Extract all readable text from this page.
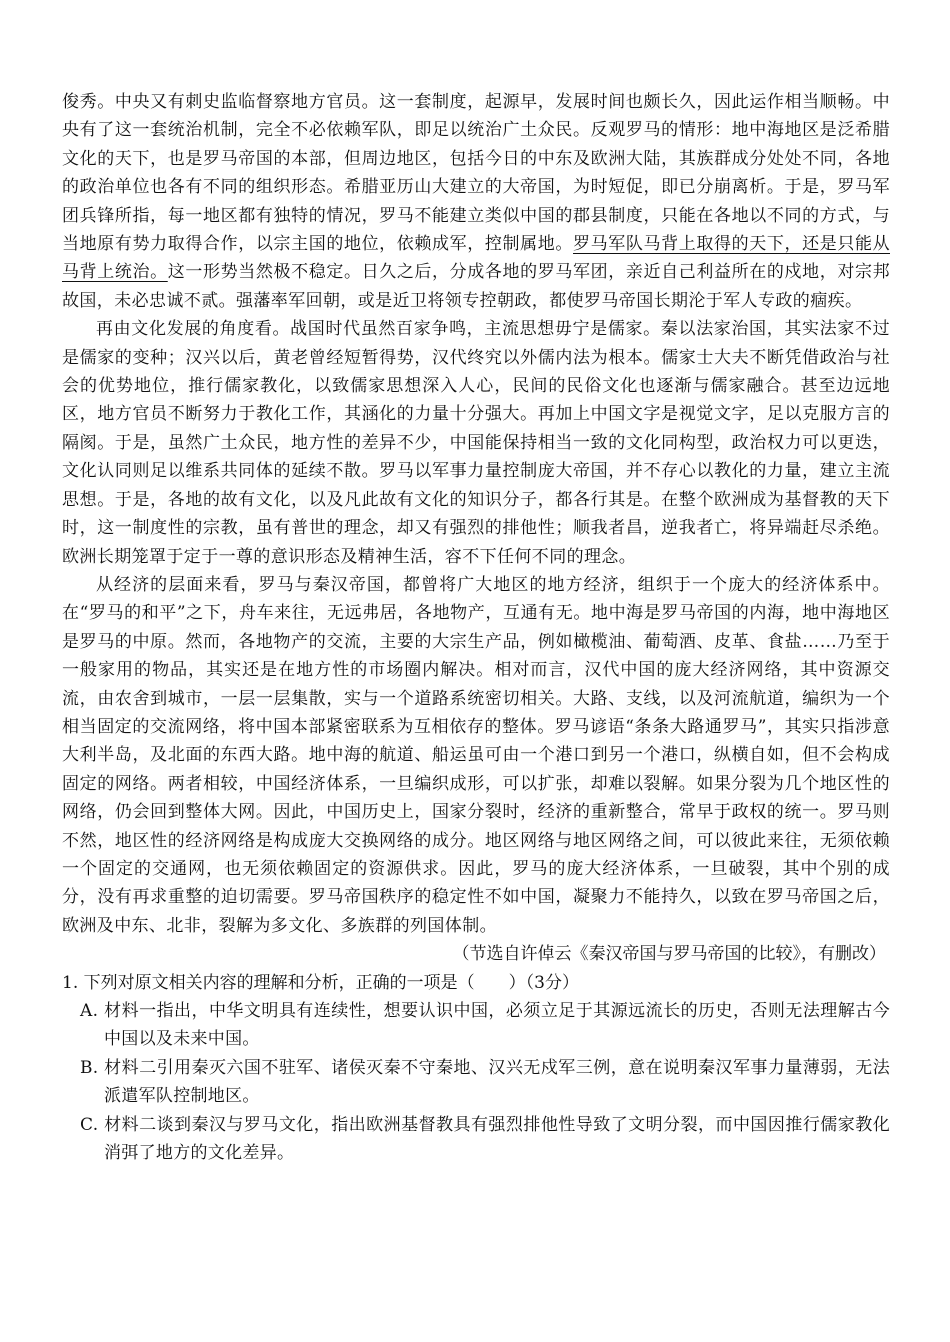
俊秀。中央又有刺史监临督察地方官员。这一套制度，起源早，发展时间也颇长久，因此运作相当顺畅。中央有了这一套统治机制，完全不必依赖军队，即足以统治广土众民。反观罗马的情形：地中海地区是泛希腊文化的天下，也是罗马帝国的本部，但周边地区，包括今日的中东及欧洲大陆，其族群成分处处不同，各地的政治单位也各有不同的组织形态。希腊亚历山大建立的大帝国，为时短促，即已分崩离析。于是，罗马军团兵锋所指，每一地区都有独特的情况，罗马不能建立类似中国的郡县制度，只能在各地以不同的方式，与当地原有势力取得合作，以宗主国的地位，依赖成军，控制属地。罗马军队马背上取得的天下，还是只能从马背上统治。这一形势当然极不稳定。日久之后，分成各地的罗马军团，亲近自己利益所在的戍地，对宗邦故国，未必忠诚不贰。强藩率军回朝，或是近卫将领专控朝政，都使罗马帝国长期沦于军人专政的痼疾。

再由文化发展的角度看。战国时代虽然百家争鸣，主流思想毋宁是儒家。秦以法家治国，其实法家不过是儒家的变种；汉兴以后，黄老曾经短暂得势，汉代终究以外儒内法为根本。儒家士大夫不断凭借政治与社会的优势地位，推行儒家教化，以致儒家思想深入人心，民间的民俗文化也逐渐与儒家融合。甚至边远地区，地方官员不断努力于教化工作，其涵化的力量十分强大。再加上中国文字是视觉文字，足以克服方言的隔阂。于是，虽然广土众民，地方性的差异不少，中国能保持相当一致的文化同构型，政治权力可以更迭，文化认同则足以维系共同体的延续不散。罗马以军事力量控制庞大帝国，并不存心以教化的力量，建立主流思想。于是，各地的故有文化，以及凡此故有文化的知识分子，都各行其是。在整个欧洲成为基督教的天下时，这一制度性的宗教，虽有普世的理念，却又有强烈的排他性；顺我者昌，逆我者亡，将异端赶尽杀绝。欧洲长期笼罩于定于一尊的意识形态及精神生活，容不下任何不同的理念。

从经济的层面来看，罗马与秦汉帝国，都曾将广大地区的地方经济，组织于一个庞大的经济体系中。在“罗马的和平”之下，舟车来往，无远弗居，各地物产，互通有无。地中海是罗马帝国的内海，地中海地区是罗马的中原。然而，各地物产的交流，主要的大宗生产品，例如橄榄油、葡萄酒、皮革、食盐……乃至于一般家用的物品，其实还是在地方性的市场圈内解决。相对而言，汉代中国的庞大经济网络，其中资源交流，由农舍到城市，一层一层集散，实与一个道路系统密切相关。大路、支线，以及河流航道，编织为一个相当固定的交流网络，将中国本部紧密联系为互相依存的整体。罗马谚语“条条大路通罗马”，其实只指涉意大利半岛，及北面的东西大路。地中海的航道、船运虽可由一个港口到另一个港口，纵横自如，但不会构成固定的网络。两者相较，中国经济体系，一旦编织成形，可以扩张，却难以裂解。如果分裂为几个地区性的网络，仍会回到整体大网。因此，中国历史上，国家分裂时，经济的重新整合，常早于政权的统一。罗马则不然，地区性的经济网络是构成庞大交换网络的成分。地区网络与地区网络之间，可以彼此来往，无须依赖一个固定的交通网，也无须依赖固定的资源供求。因此，罗马的庞大经济体系，一旦破裂，其中个别的成分，没有再求重整的迫切需要。罗马帝国秩序的稳定性不如中国，凝聚力不能持久，以致在罗马帝国之后，欧洲及中东、北非，裂解为多文化、多族群的列国体制。

（节选自许倬云《秦汉帝国与罗马帝国的比较》，有删改）

1. 下列对原文相关内容的理解和分析，正确的一项是（　　）（3分）

A. 材料一指出，中华文明具有连续性，想要认识中国，必须立足于其源远流长的历史，否则无法理解古今中国以及未来中国。

B. 材料二引用秦灭六国不驻军、诸侯灭秦不守秦地、汉兴无戍军三例，意在说明秦汉军事力量薄弱，无法派遣军队控制地区。

C. 材料二谈到秦汉与罗马文化，指出欧洲基督教具有强烈排他性导致了文明分裂，而中国因推行儒家教化消弭了地方的文化差异。
